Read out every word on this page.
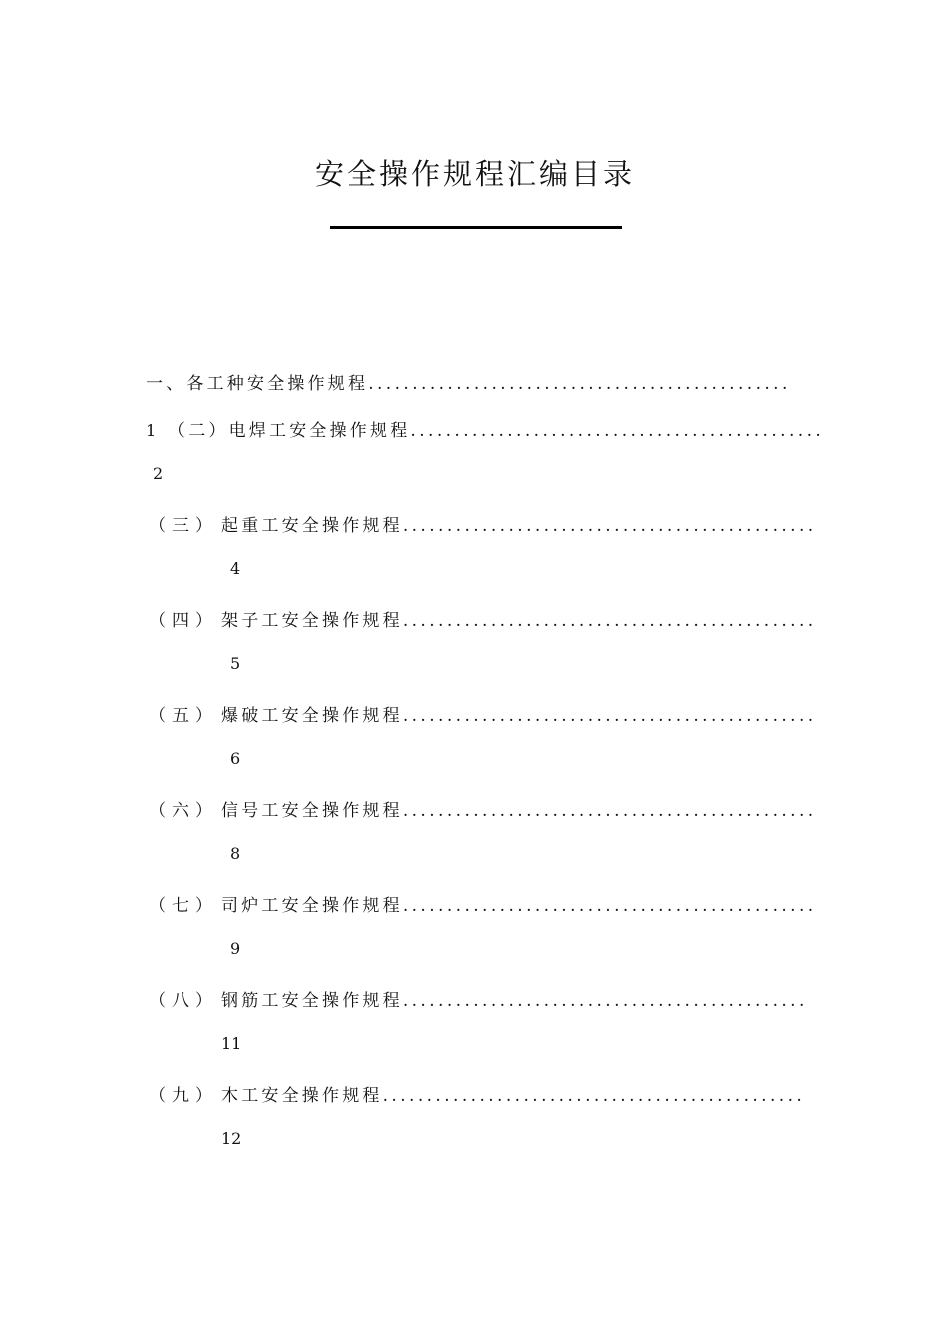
安全操作规程汇编目录
一、各工种安全操作规程................................................
1 （二）电焊工安全操作规程...............................................
2
（三） 起重工安全操作规程...............................................
4
（四） 架子工安全操作规程...............................................
5
（五） 爆破工安全操作规程...............................................
6
（六） 信号工安全操作规程...............................................
8
（七） 司炉工安全操作规程...............................................
9
（八） 钢筋工安全操作规程..............................................
11
（九） 木工安全操作规程................................................
12
